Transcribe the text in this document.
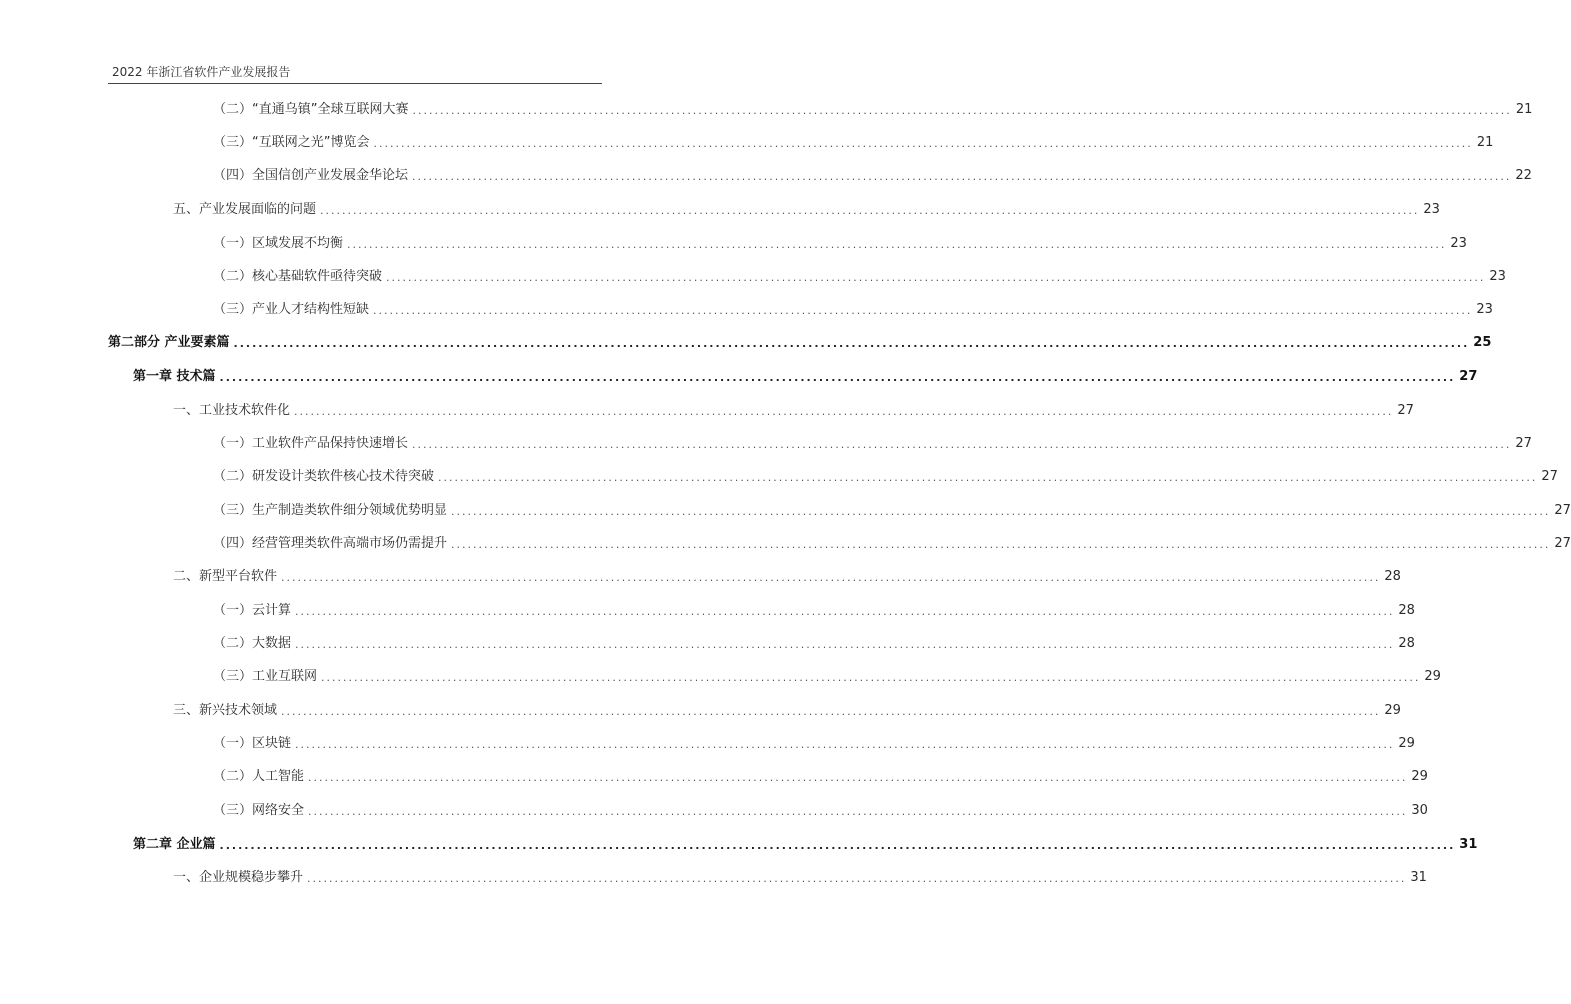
2022 年浙江省软件产业发展报告
（二）“直通乌镇”全球互联网大赛 ........................................................................................................................................................................................................ 21
（三）“互联网之光”博览会 ........................................................................................................................................................................................................ 21
（四）全国信创产业发展金华论坛 ........................................................................................................................................................................................................ 22
五、产业发展面临的问题 ........................................................................................................................................................................................................ 23
（一）区域发展不均衡 ........................................................................................................................................................................................................ 23
（二）核心基础软件亟待突破 ........................................................................................................................................................................................................ 23
（三）产业人才结构性短缺 ........................................................................................................................................................................................................ 23
第二部分 产业要素篇 ........................................................................................................................................................................................................ 25
第一章 技术篇 ........................................................................................................................................................................................................ 27
一、工业技术软件化 ........................................................................................................................................................................................................ 27
（一）工业软件产品保持快速增长 ........................................................................................................................................................................................................ 27
（二）研发设计类软件核心技术待突破 ........................................................................................................................................................................................................ 27
（三）生产制造类软件细分领域优势明显 ........................................................................................................................................................................................................ 27
（四）经营管理类软件高端市场仍需提升 ........................................................................................................................................................................................................ 27
二、新型平台软件 ........................................................................................................................................................................................................ 28
（一）云计算 ........................................................................................................................................................................................................ 28
（二）大数据 ........................................................................................................................................................................................................ 28
（三）工业互联网 ........................................................................................................................................................................................................ 29
三、新兴技术领域 ........................................................................................................................................................................................................ 29
（一）区块链 ........................................................................................................................................................................................................ 29
（二）人工智能 ........................................................................................................................................................................................................ 29
（三）网络安全 ........................................................................................................................................................................................................ 30
第二章 企业篇 ........................................................................................................................................................................................................ 31
一、企业规模稳步攀升 ........................................................................................................................................................................................................ 31
